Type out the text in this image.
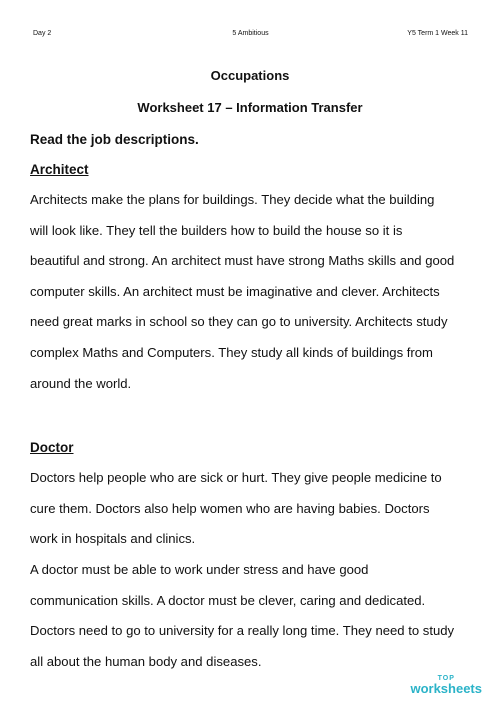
Day 2	5 Ambitious	Y5 Term 1 Week 11
Occupations
Worksheet 17 – Information Transfer
Read the job descriptions.
Architect
Architects make the plans for buildings. They decide what the building
will look like. They tell the builders how to build the house so it is
beautiful and strong. An architect must have strong Maths skills and good
computer skills. An architect must be imaginative and clever. Architects
need great marks in school so they can go to university. Architects study
complex Maths and Computers. They study all kinds of buildings from
around the world.
Doctor
Doctors help people who are sick or hurt. They give people medicine to
cure them. Doctors also help women who are having babies. Doctors
work in hospitals and clinics.
A doctor must be able to work under stress and have good
communication skills. A doctor must be clever, caring and dedicated.
Doctors need to go to university for a really long time. They need to study
all about the human body and diseases.
TOP
worksheets
